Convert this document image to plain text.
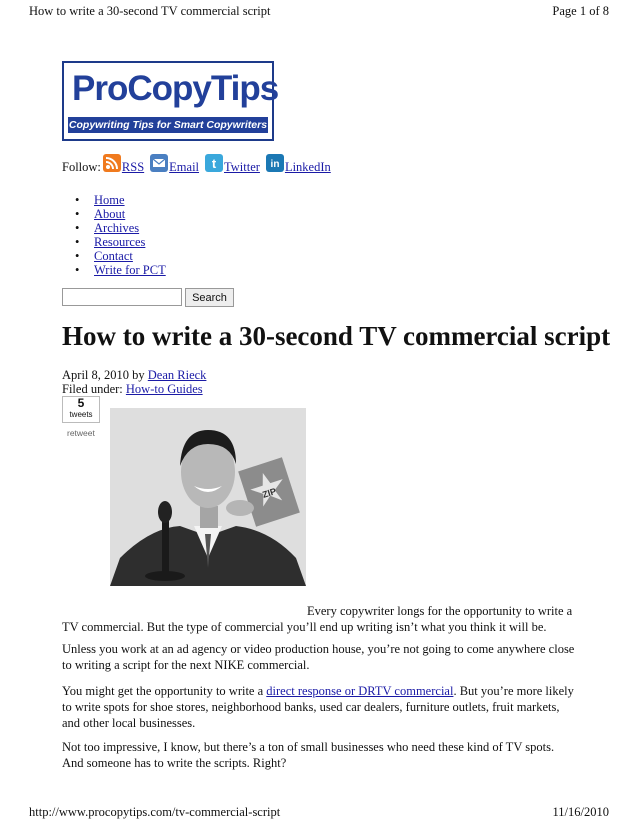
How to write a 30-second TV commercial script	Page 1 of 8
ProCopyTips
Copywriting Tips for Smart Copywriters
Follow: RSS Email t Twitter in LinkedIn
• Home
• About
• Archives
• Resources
• Contact
• Write for PCT
Search
How to write a 30-second TV commercial script
April 8, 2010 by Dean Rieck
Filed under: How-to Guides
5
tweets
retweet
ZIP

Every copywriter longs for the opportunity to write a TV commercial. But the type of commercial you’ll end up writing isn’t what you think it will be.

Unless you work at an ad agency or video production house, you’re not going to come anywhere close to writing a script for the next NIKE commercial.

You might get the opportunity to write a direct response or DRTV commercial. But you’re more likely to write spots for shoe stores, neighborhood banks, used car dealers, furniture outlets, fruit markets, and other local businesses.

Not too impressive, I know, but there’s a ton of small businesses who need these kind of TV spots. And someone has to write the scripts. Right?

http://www.procopytips.com/tv-commercial-script	11/16/2010
